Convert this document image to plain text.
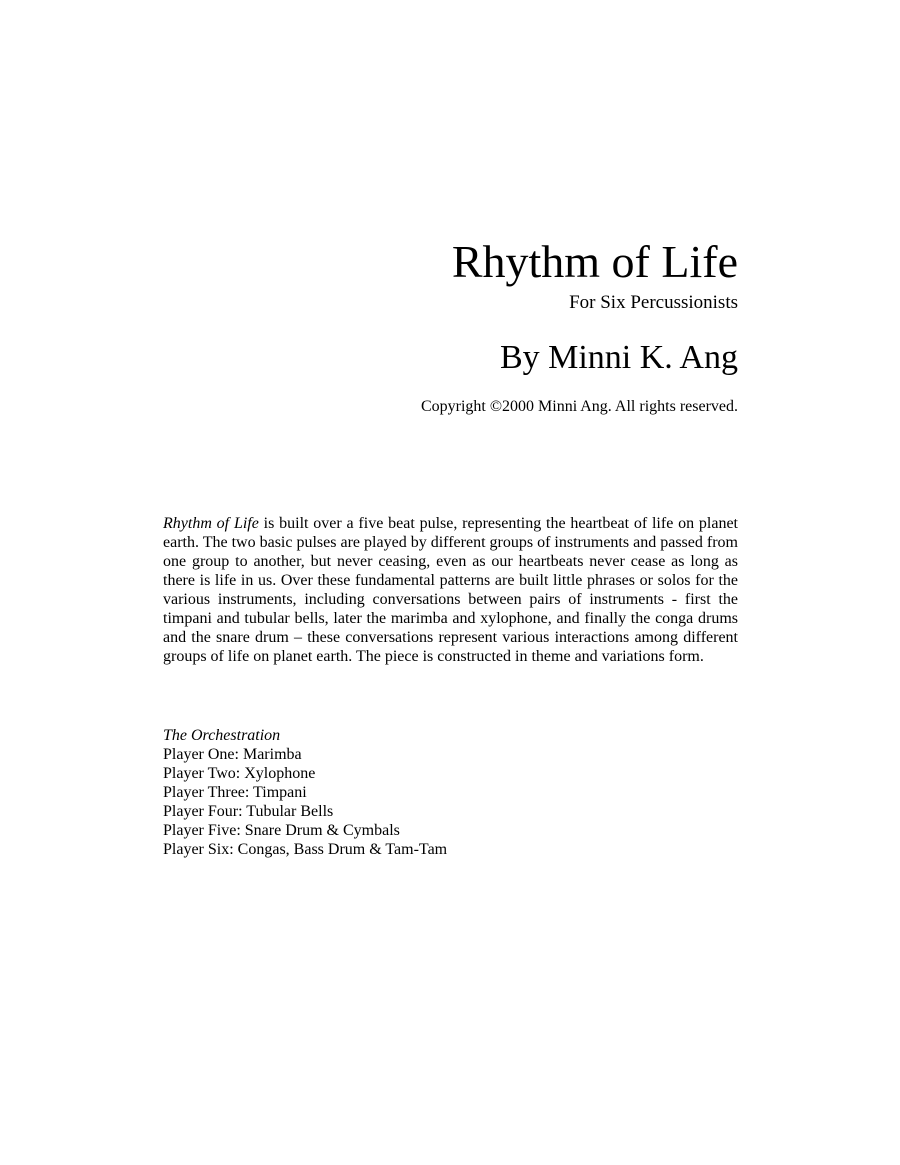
Rhythm of Life

For Six Percussionists

By Minni K. Ang

Copyright ©2000 Minni Ang. All rights reserved.

Rhythm of Life is built over a five beat pulse, representing the heartbeat of life on planet earth. The two basic pulses are played by different groups of instruments and passed from one group to another, but never ceasing, even as our heartbeats never cease as long as there is life in us. Over these fundamental patterns are built little phrases or solos for the various instruments, including conversations between pairs of instruments - first the timpani and tubular bells, later the marimba and xylophone, and finally the conga drums and the snare drum – these conversations represent various interactions among different groups of life on planet earth. The piece is constructed in theme and variations form.

The Orchestration
Player One: Marimba
Player Two: Xylophone
Player Three: Timpani
Player Four: Tubular Bells
Player Five: Snare Drum & Cymbals
Player Six: Congas, Bass Drum & Tam-Tam
